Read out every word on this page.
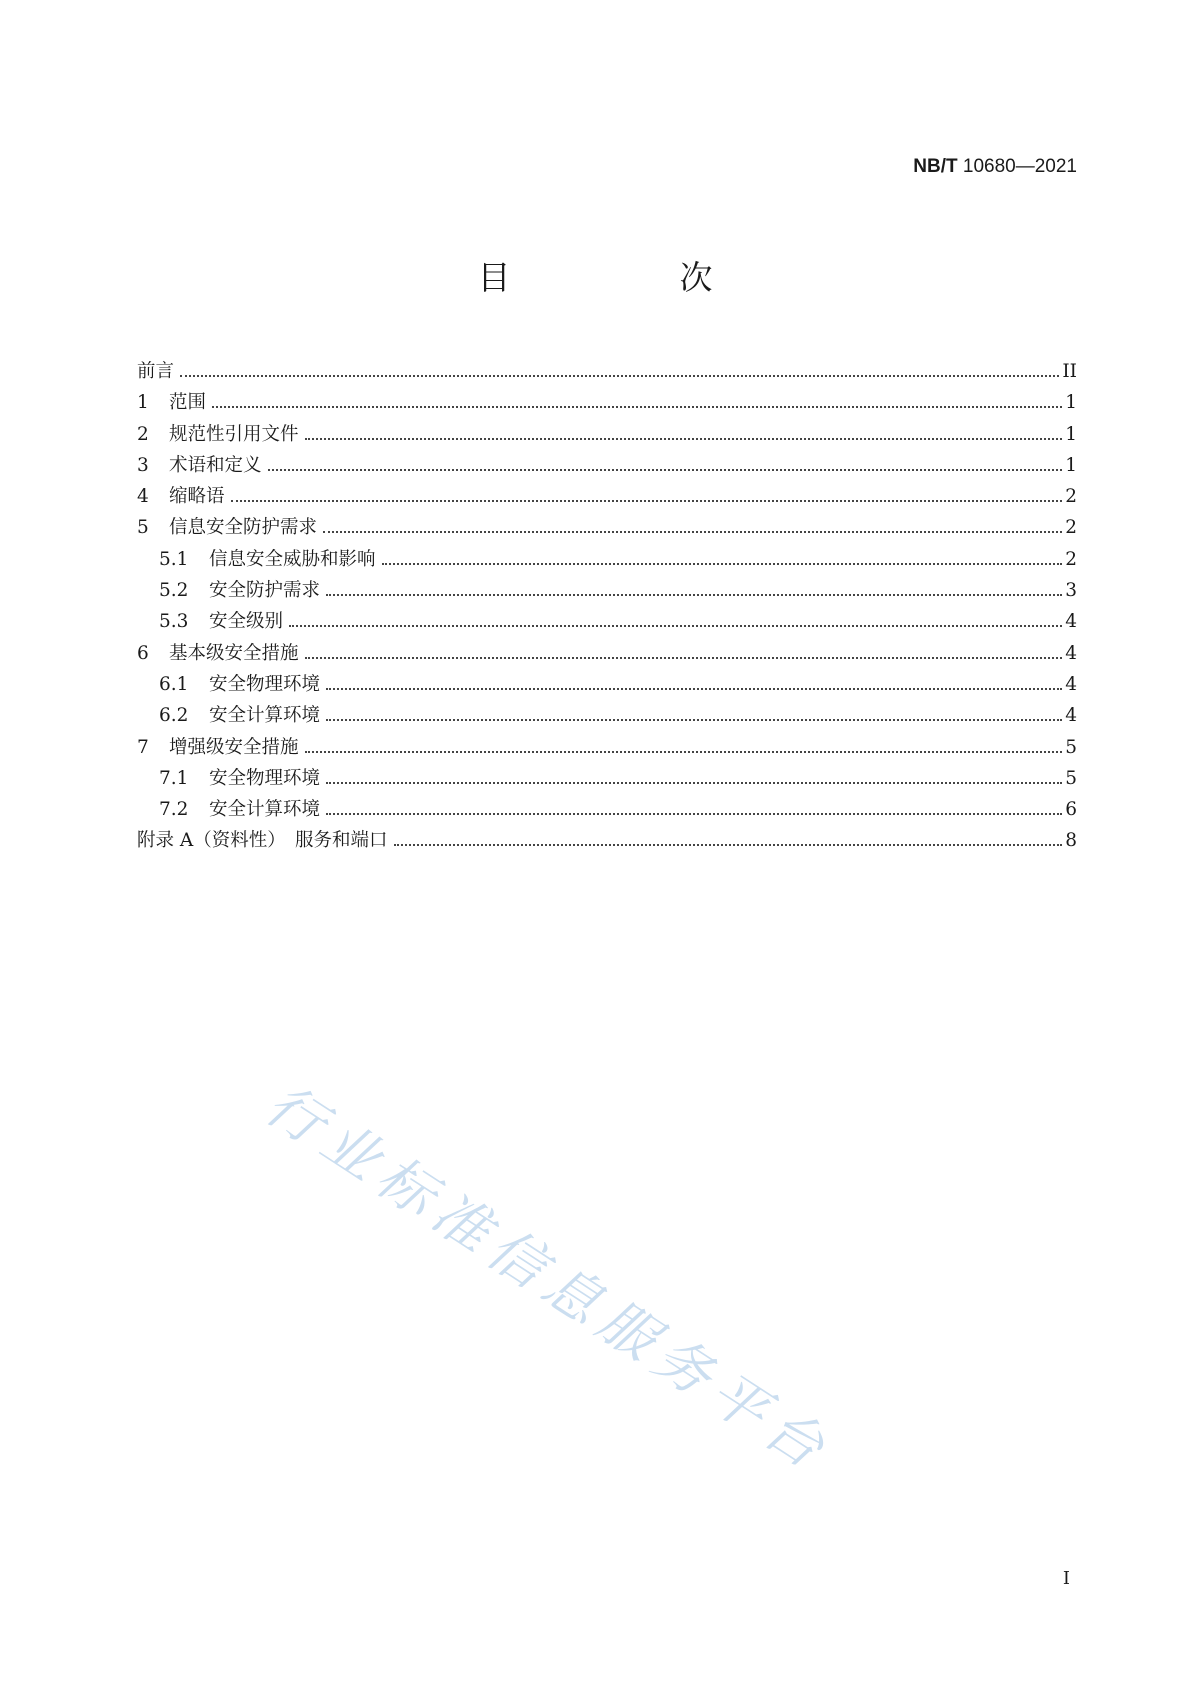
NB/T 10680—2021
目　次
前言	II
1	范围	1
2	规范性引用文件	1
3	术语和定义	1
4	缩略语	2
5	信息安全防护需求	2
5.1	信息安全威胁和影响	2
5.2	安全防护需求	3
5.3	安全级别	4
6	基本级安全措施	4
6.1	安全物理环境	4
6.2	安全计算环境	4
7	增强级安全措施	5
7.1	安全物理环境	5
7.2	安全计算环境	6
附录 A（资料性）　服务和端口	8
行业标准信息服务平台
I
